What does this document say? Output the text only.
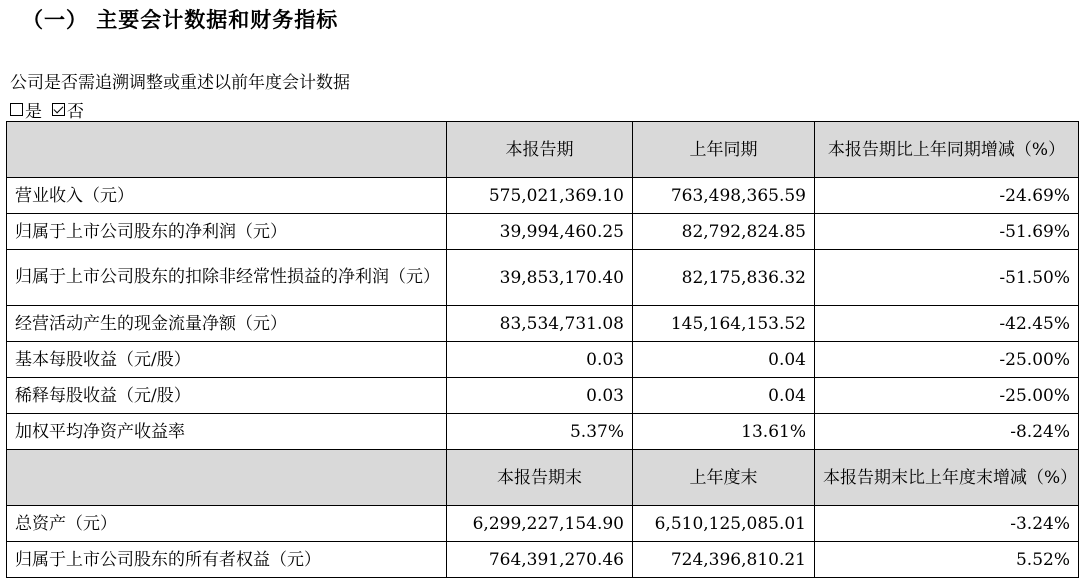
（一） 主要会计数据和财务指标
公司是否需追溯调整或重述以前年度会计数据
是 否
	本报告期	上年同期	本报告期比上年同期增减（%）
营业收入（元）	575,021,369.10	763,498,365.59	-24.69%
归属于上市公司股东的净利润（元）	39,994,460.25	82,792,824.85	-51.69%
归属于上市公司股东的扣除非经常性损益的净利润（元）	39,853,170.40	82,175,836.32	-51.50%
经营活动产生的现金流量净额（元）	83,534,731.08	145,164,153.52	-42.45%
基本每股收益（元/股）	0.03	0.04	-25.00%
稀释每股收益（元/股）	0.03	0.04	-25.00%
加权平均净资产收益率	5.37%	13.61%	-8.24%
	本报告期末	上年度末	本报告期末比上年度末增减（%）
总资产（元）	6,299,227,154.90	6,510,125,085.01	-3.24%
归属于上市公司股东的所有者权益（元）	764,391,270.46	724,396,810.21	5.52%
